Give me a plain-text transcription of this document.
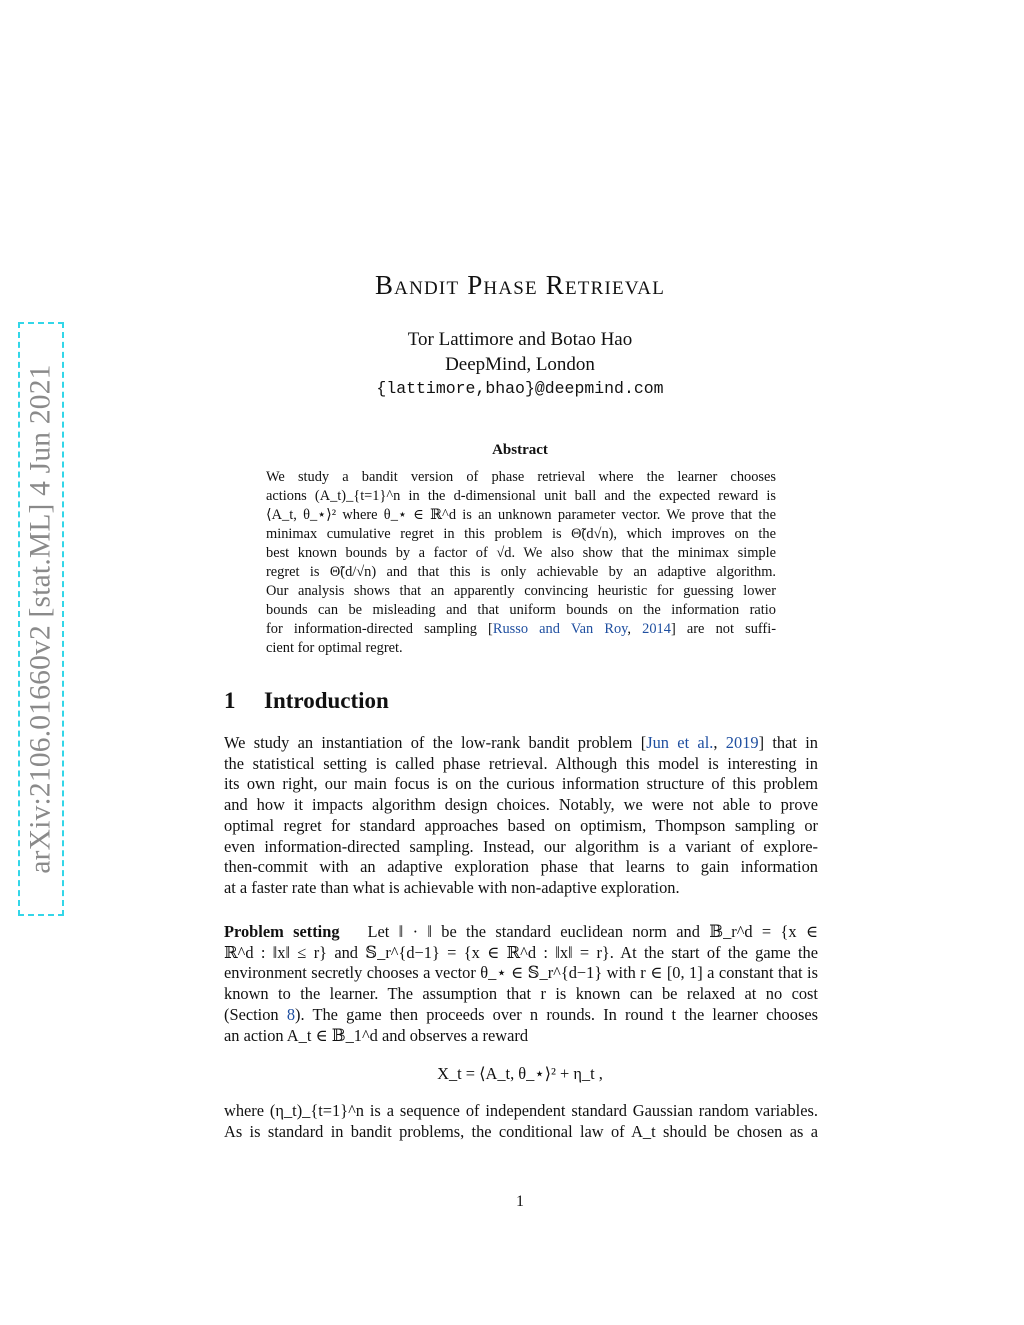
arXiv:2106.01660v2 [stat.ML] 4 Jun 2021
Bandit Phase Retrieval
Tor Lattimore and Botao Hao
DeepMind, London
{lattimore,bhao}@deepmind.com
Abstract
We study a bandit version of phase retrieval where the learner chooses
actions (A_t)_{t=1}^n in the d-dimensional unit ball and the expected reward is
⟨A_t, θ_⋆⟩² where θ_⋆ ∈ ℝ^d is an unknown parameter vector. We prove that the
minimax cumulative regret in this problem is Θ̃(d√n), which improves on the
best known bounds by a factor of √d. We also show that the minimax simple
regret is Θ̃(d/√n) and that this is only achievable by an adaptive algorithm.
Our analysis shows that an apparently convincing heuristic for guessing lower
bounds can be misleading and that uniform bounds on the information ratio
for information-directed sampling [Russo and Van Roy, 2014] are not suffi-
cient for optimal regret.
1 Introduction
We study an instantiation of the low-rank bandit problem [Jun et al., 2019] that in
the statistical setting is called phase retrieval. Although this model is interesting in
its own right, our main focus is on the curious information structure of this problem
and how it impacts algorithm design choices. Notably, we were not able to prove
optimal regret for standard approaches based on optimism, Thompson sampling or
even information-directed sampling. Instead, our algorithm is a variant of explore-
then-commit with an adaptive exploration phase that learns to gain information
at a faster rate than what is achievable with non-adaptive exploration.
Problem setting Let ‖ · ‖ be the standard euclidean norm and 𝔹_r^d = {x ∈
ℝ^d : ‖x‖ ≤ r} and 𝕊_r^{d−1} = {x ∈ ℝ^d : ‖x‖ = r}. At the start of the game the
environment secretly chooses a vector θ_⋆ ∈ 𝕊_r^{d−1} with r ∈ [0, 1] a constant that is
known to the learner. The assumption that r is known can be relaxed at no cost
(Section 8). The game then proceeds over n rounds. In round t the learner chooses
an action A_t ∈ 𝔹_1^d and observes a reward
X_t = ⟨A_t, θ_⋆⟩² + η_t ,
where (η_t)_{t=1}^n is a sequence of independent standard Gaussian random variables.
As is standard in bandit problems, the conditional law of A_t should be chosen as a
1
